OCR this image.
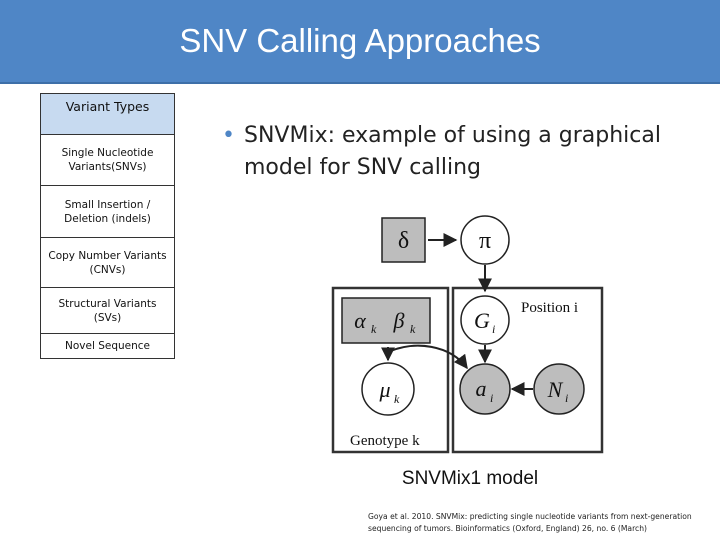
SNV Calling Approaches
Variant Types
Single Nucleotide Variants(SNVs)
Small Insertion / Deletion (indels)
Copy Number Variants (CNVs)
Structural Variants (SVs)
Novel Sequence
• SNVMix: example of using a graphical model for SNV calling
Position i
Genotype k
δ	π
α k β k	G i
μ k	a i N i
SNVMix1 model
Goya et al. 2010. SNVMix: predicting single nucleotide variants from next-generation sequencing of tumors. Bioinformatics (Oxford, England) 26, no. 6 (March)
